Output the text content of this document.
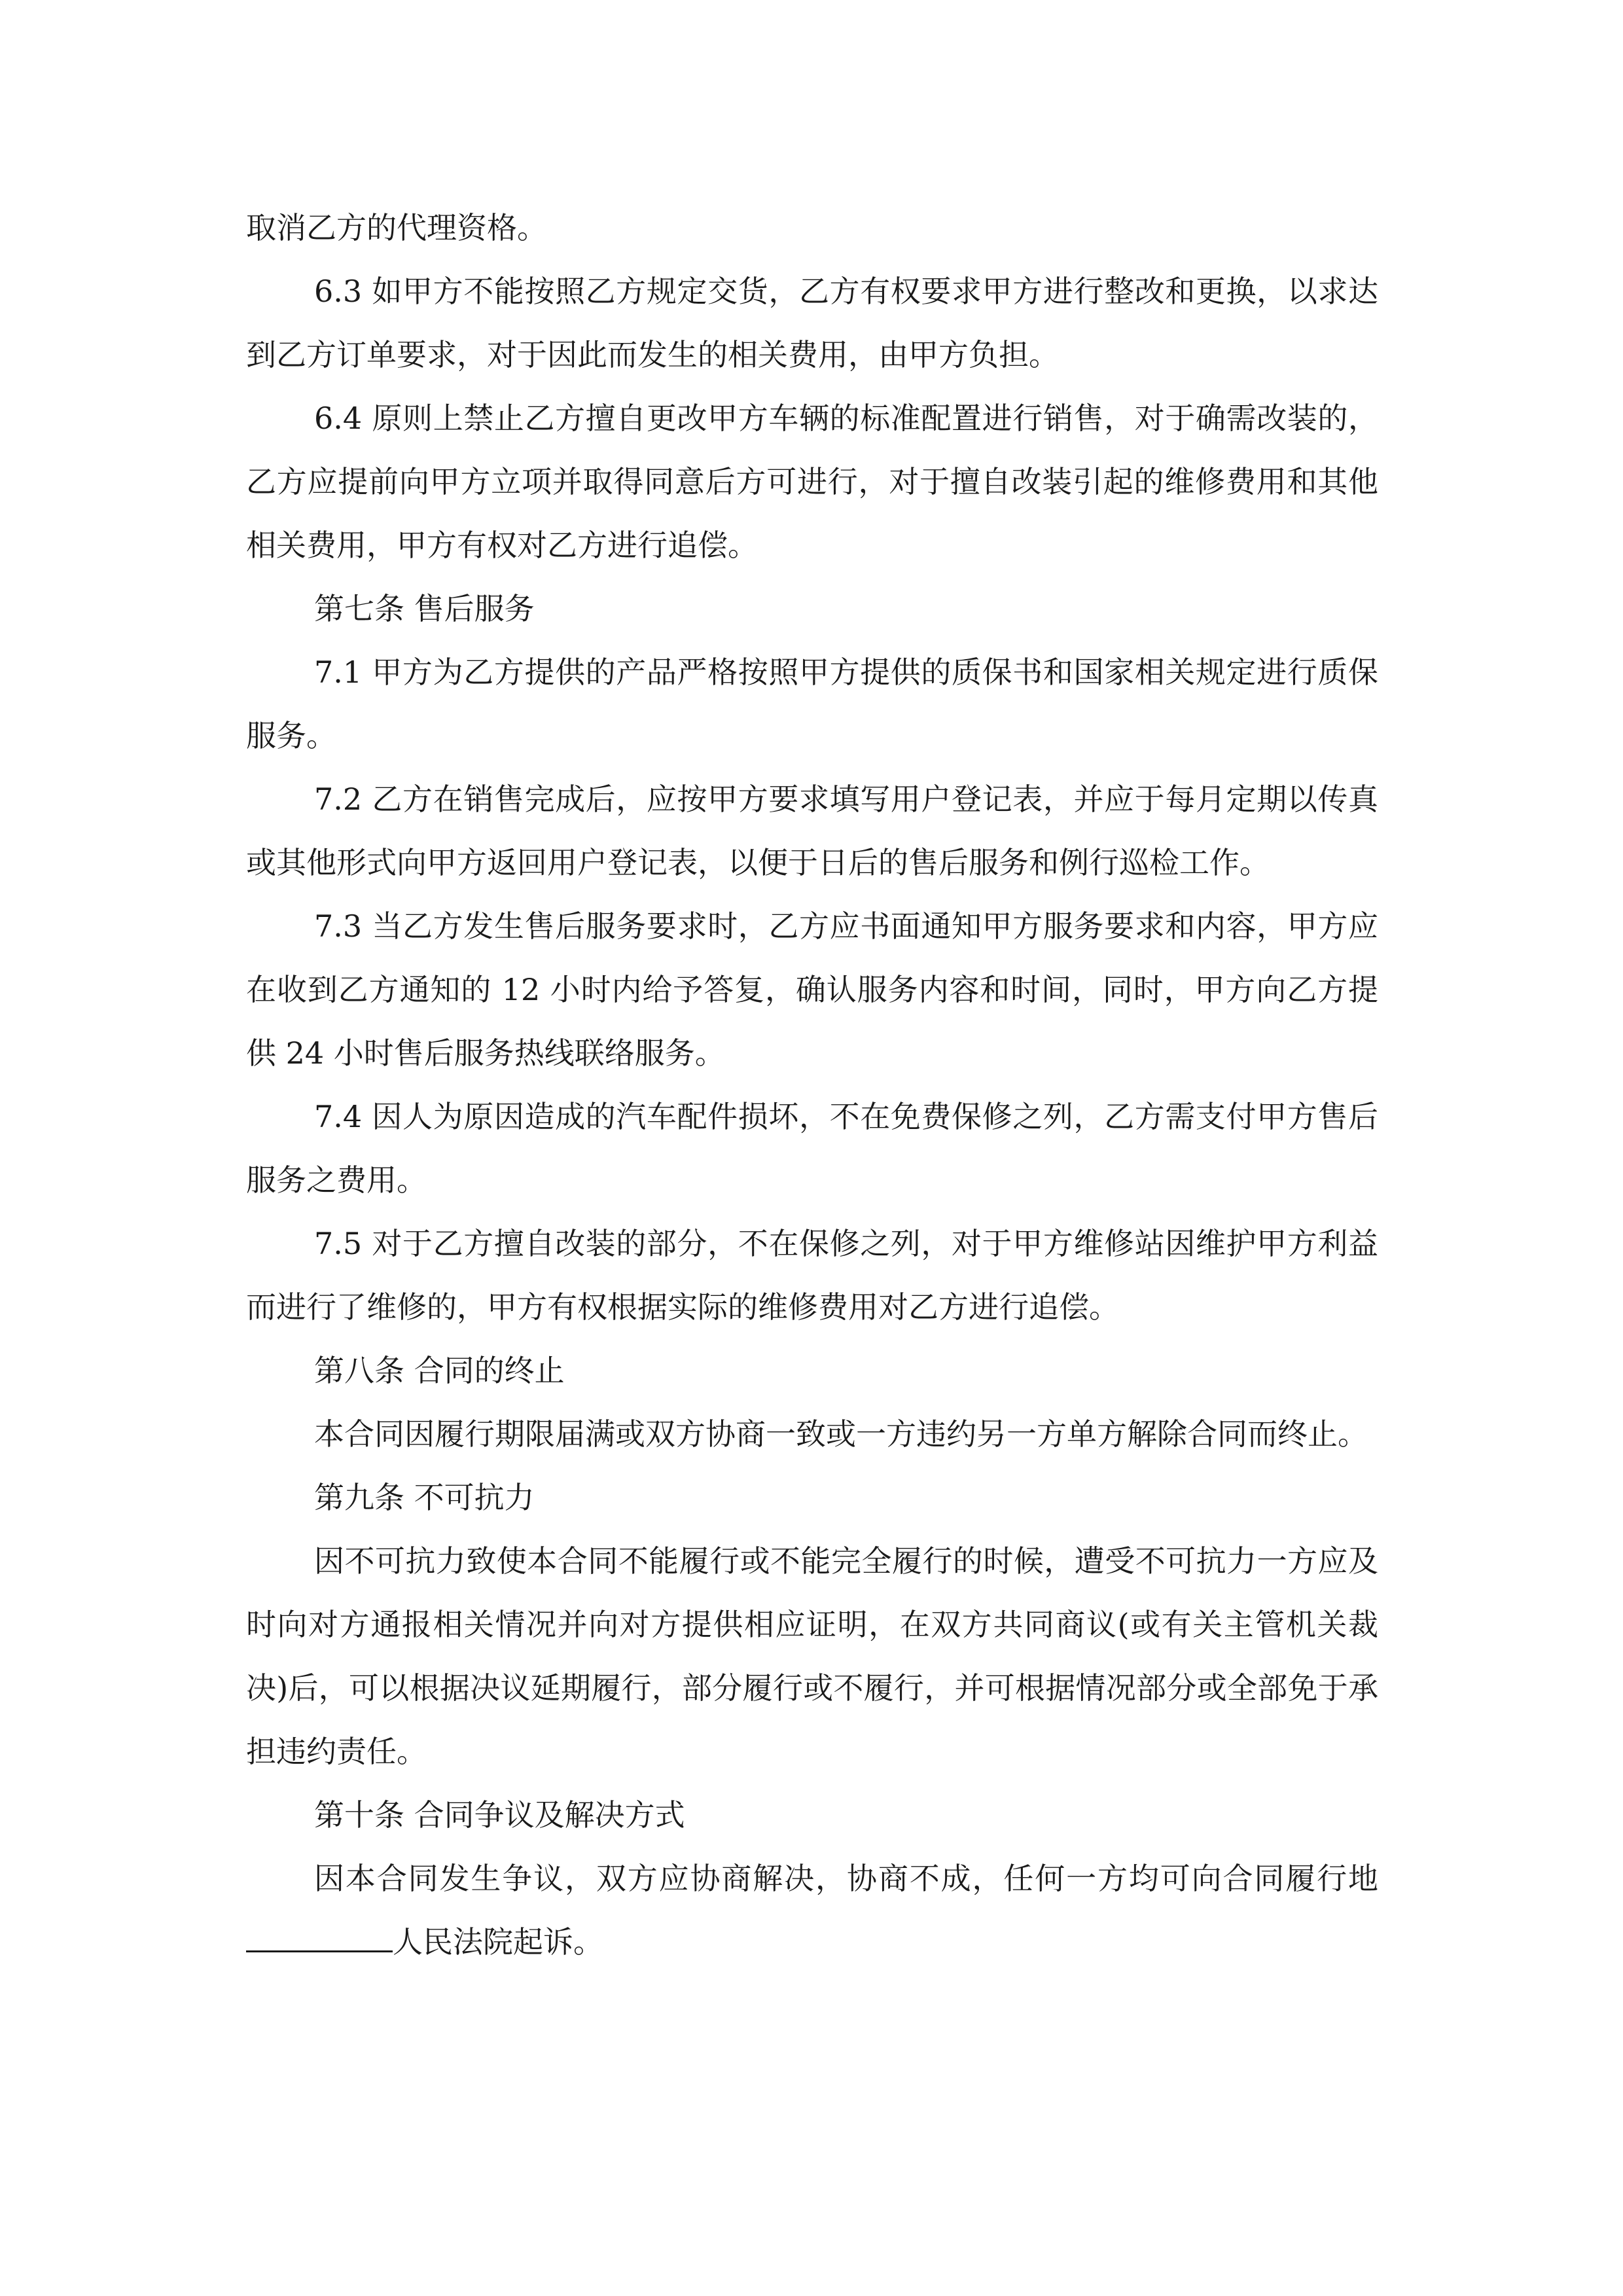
取消乙方的代理资格。

6.3 如甲方不能按照乙方规定交货，乙方有权要求甲方进行整改和更换，以求达到乙方订单要求，对于因此而发生的相关费用，由甲方负担。

6.4 原则上禁止乙方擅自更改甲方车辆的标准配置进行销售，对于确需改装的，乙方应提前向甲方立项并取得同意后方可进行，对于擅自改装引起的维修费用和其他相关费用，甲方有权对乙方进行追偿。

第七条 售后服务

7.1 甲方为乙方提供的产品严格按照甲方提供的质保书和国家相关规定进行质保服务。

7.2 乙方在销售完成后，应按甲方要求填写用户登记表，并应于每月定期以传真或其他形式向甲方返回用户登记表，以便于日后的售后服务和例行巡检工作。

7.3 当乙方发生售后服务要求时，乙方应书面通知甲方服务要求和内容，甲方应在收到乙方通知的 12 小时内给予答复，确认服务内容和时间，同时，甲方向乙方提供 24 小时售后服务热线联络服务。

7.4 因人为原因造成的汽车配件损坏，不在免费保修之列，乙方需支付甲方售后服务之费用。

7.5 对于乙方擅自改装的部分，不在保修之列，对于甲方维修站因维护甲方利益而进行了维修的，甲方有权根据实际的维修费用对乙方进行追偿。

第八条 合同的终止

本合同因履行期限届满或双方协商一致或一方违约另一方单方解除合同而终止。

第九条 不可抗力

因不可抗力致使本合同不能履行或不能完全履行的时候，遭受不可抗力一方应及时向对方通报相关情况并向对方提供相应证明，在双方共同商议(或有关主管机关裁决)后，可以根据决议延期履行，部分履行或不履行，并可根据情况部分或全部免于承担违约责任。

第十条 合同争议及解决方式

因本合同发生争议，双方应协商解决，协商不成，任何一方均可向合同履行地人民法院起诉。
